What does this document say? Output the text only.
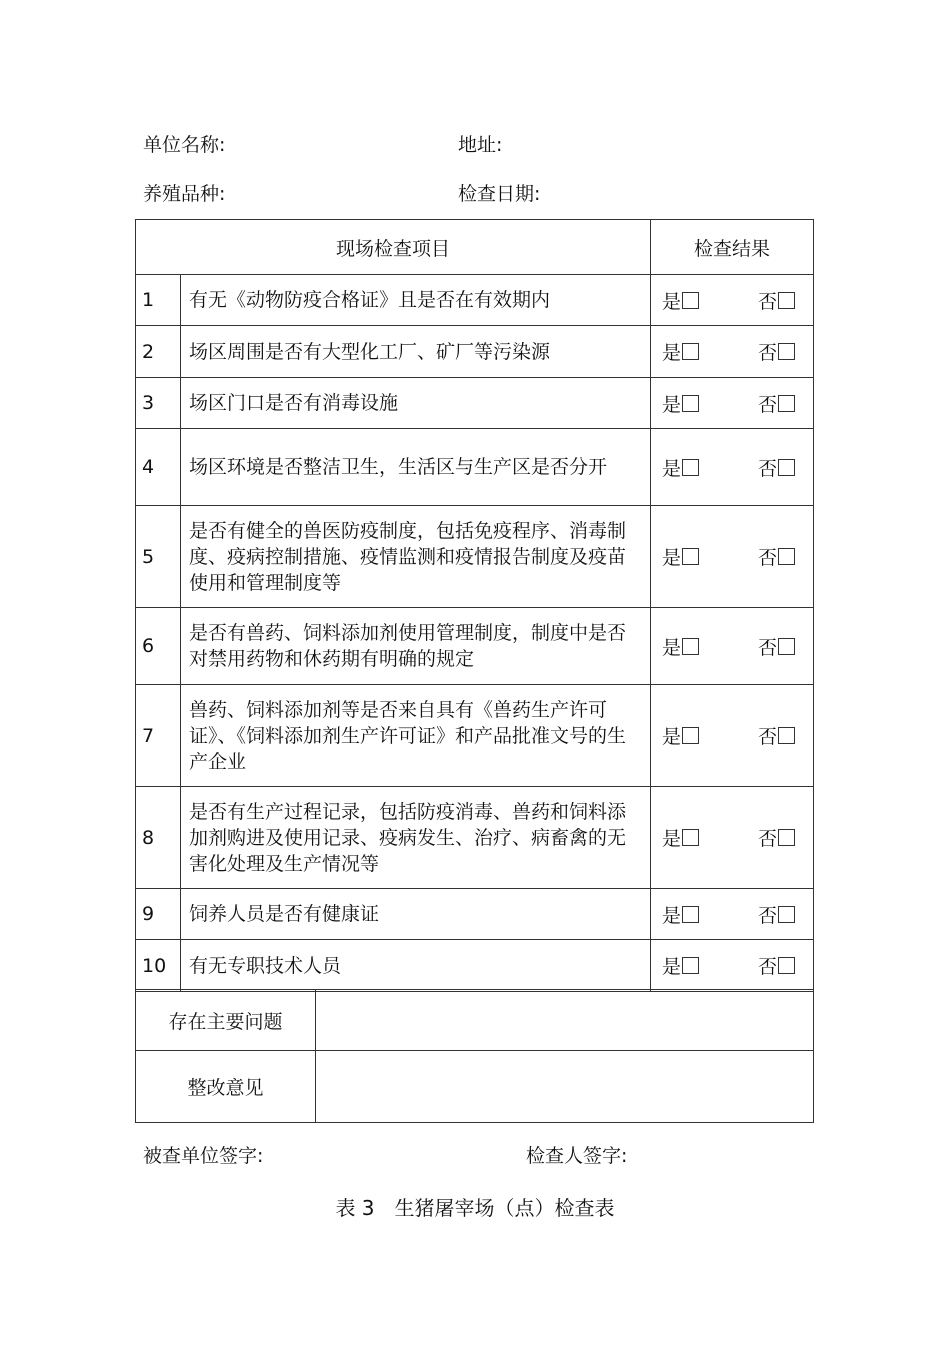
单位名称:	地址:
养殖品种:	检查日期:
现场检查项目		检查结果
1	有无《动物防疫合格证》且是否在有效期内	是 否

2	场区周围是否有大型化工厂、矿厂等污染源	是 否

3	场区门口是否有消毒设施	是 否

4	场区环境是否整洁卫生，生活区与生产区是否分开	是 否

5	是否有健全的兽医防疫制度，包括免疫程序、消毒制度、疫病控制措施、疫情监测和疫情报告制度及疫苗使用和管理制度等	是 否

6	是否有兽药、饲料添加剂使用管理制度，制度中是否对禁用药物和休药期有明确的规定	是 否

7	兽药、饲料添加剂等是否来自具有《兽药生产许可证》、《饲料添加剂生产许可证》和产品批准文号的生产企业	是 否

8	是否有生产过程记录，包括防疫消毒、兽药和饲料添加剂购进及使用记录、疫病发生、治疗、病畜禽的无害化处理及生产情况等	是 否

9	饲养人员是否有健康证	是 否

10	有无专职技术人员	是 否
存在主要问题	
整改意见	
被查单位签字:	检查人签字:
表 3　生猪屠宰场（点）检查表
